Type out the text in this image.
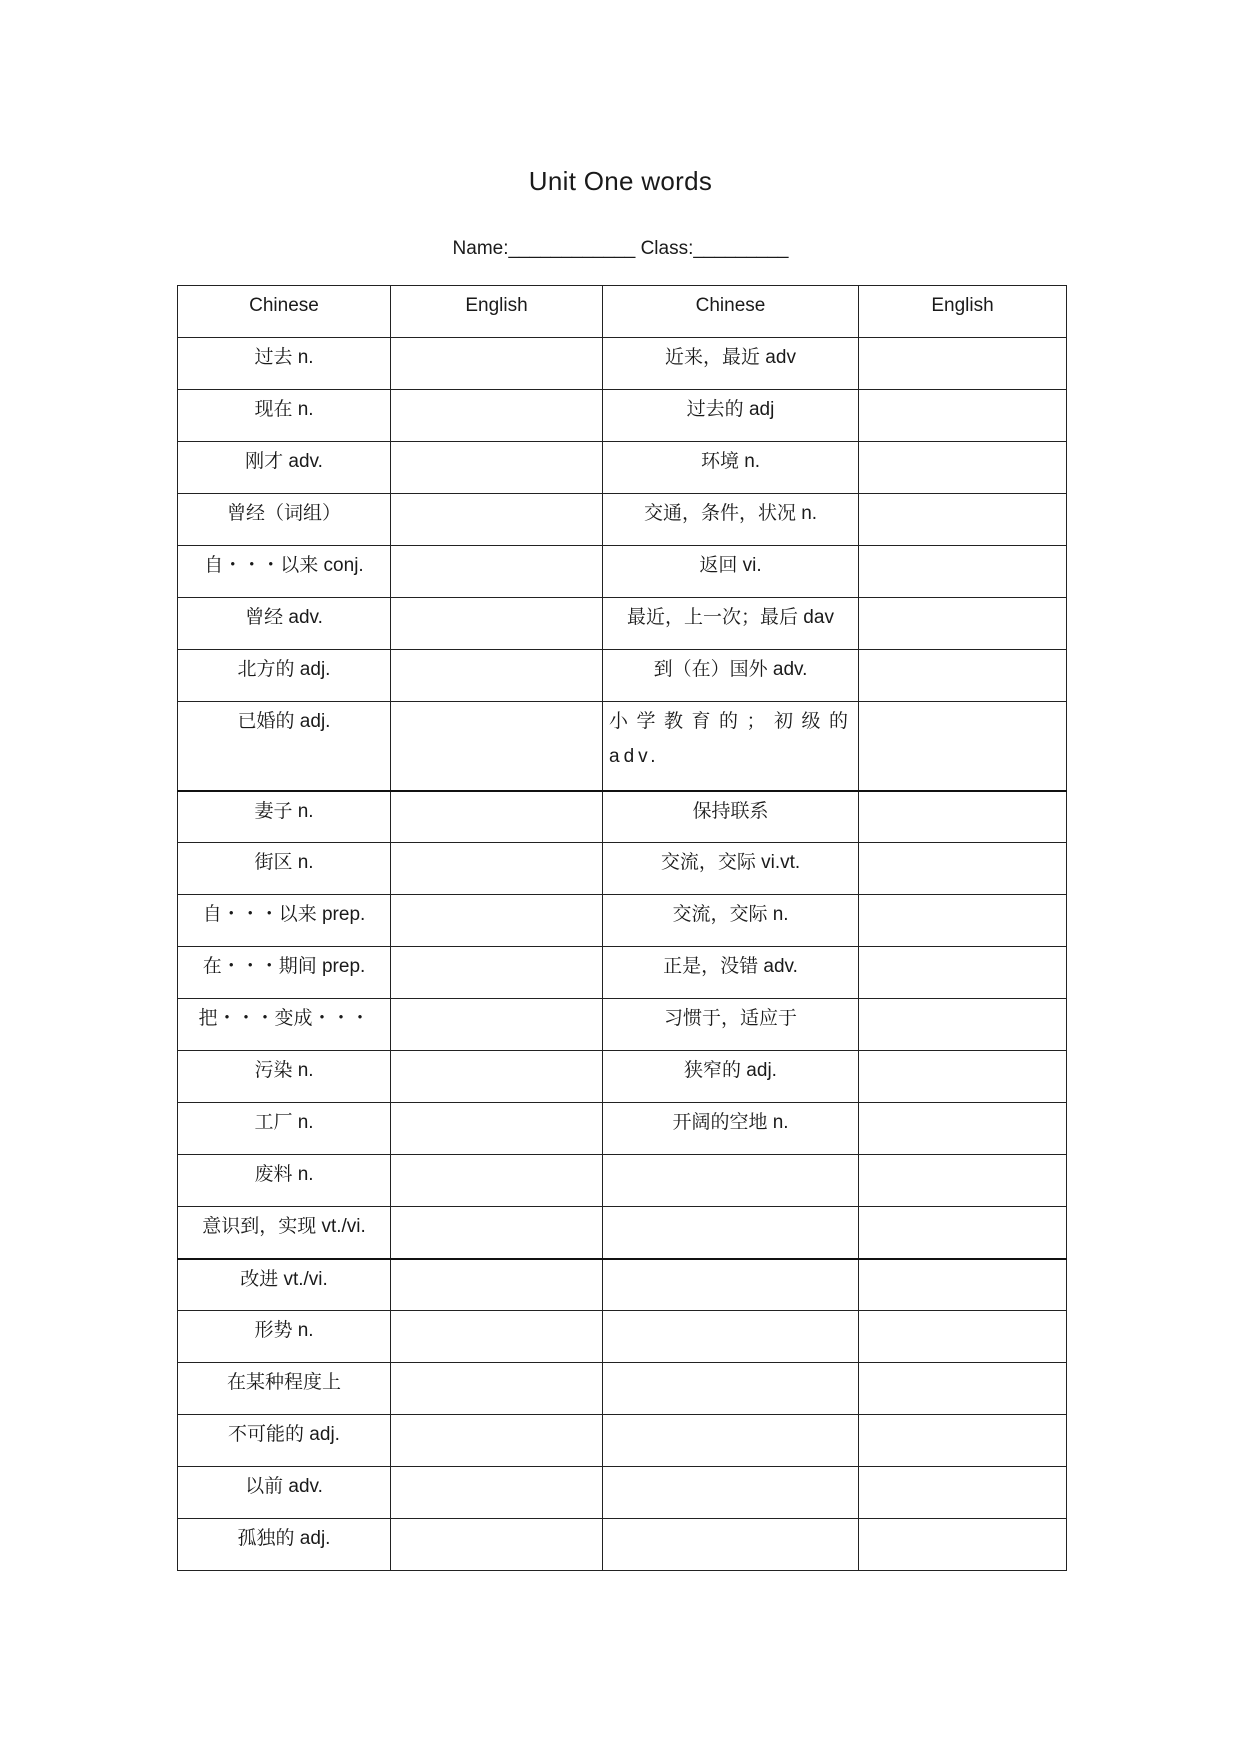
Unit One words
Name:____________ Class:_________
Chinese	English	Chinese	English
过去 n.		近来，最近 adv	
现在 n.		过去的 adj	
刚才 adv.		环境 n.	
曾经（词组）		交通，条件，状况 n.	
自・・・以来 conj.		返回 vi.	
曾经 adv.		最近，上一次；最后 dav	
北方的 adj.		到（在）国外 adv.	
已婚的 adj.		小学教育的；初级的 adv.	
妻子 n.		保持联系	
街区 n.		交流，交际 vi.vt.	
自・・・以来 prep.		交流，交际 n.	
在・・・期间 prep.		正是，没错 adv.	
把・・・变成・・・		习惯于，适应于	
污染 n.		狭窄的 adj.	
工厂 n.		开阔的空地 n.	
废料 n.			
意识到，实现 vt./vi.			
改进 vt./vi.			
形势 n.			
在某种程度上			
不可能的 adj.			
以前 adv.			
孤独的 adj.			
